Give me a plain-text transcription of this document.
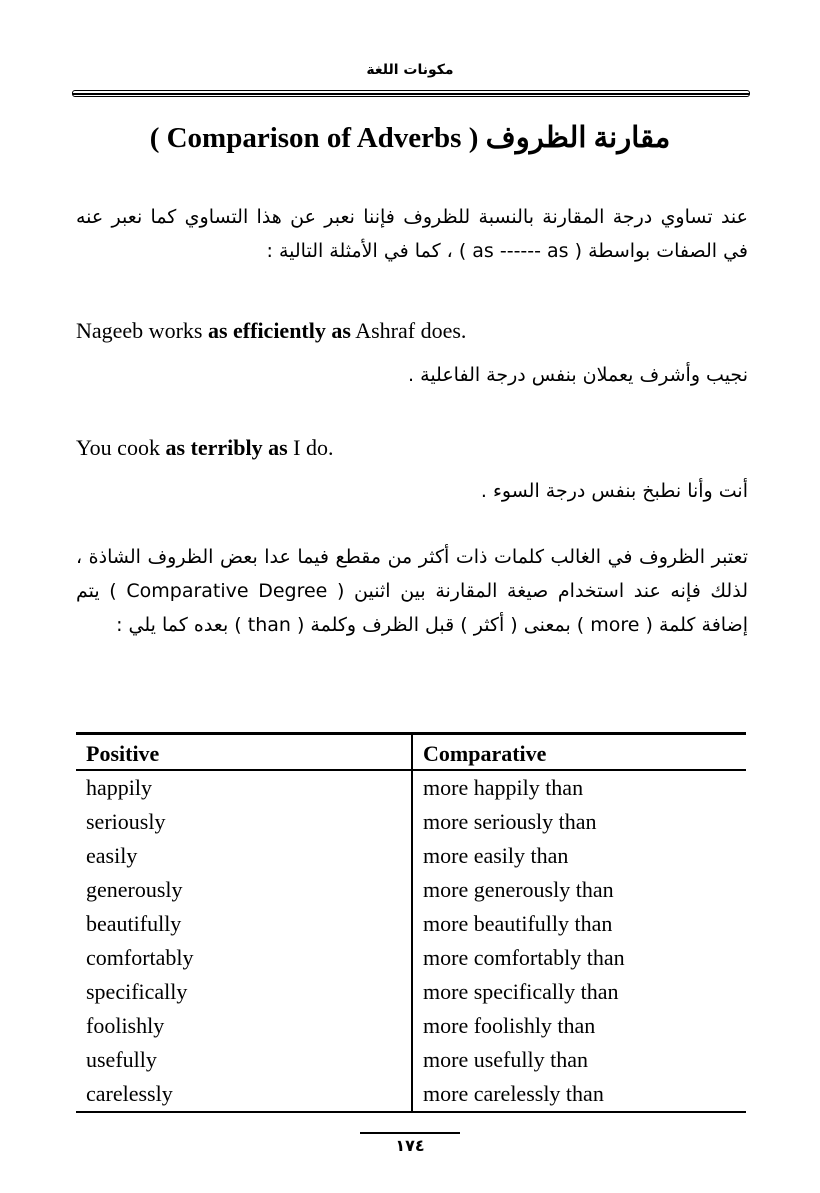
مكونات اللغة
مقارنة الظروف ( Comparison of Adverbs )
عند تساوي درجة المقارنة بالنسبة للظروف فإننا نعبر عن هذا التساوي كما نعبر عنه في الصفات بواسطة ( as ------ as ) ، كما في الأمثلة التالية :
Nageeb works as efficiently as Ashraf does.
نجيب وأشرف يعملان بنفس درجة الفاعلية .
You cook as terribly as I do.
أنت وأنا نطبخ بنفس درجة السوء .
تعتبر الظروف في الغالب كلمات ذات أكثر من مقطع فيما عدا بعض الظروف الشاذة ، لذلك فإنه عند استخدام صيغة المقارنة بين اثنين ( Comparative Degree ) يتم إضافة كلمة ( more ) بمعنى ( أكثر ) قبل الظرف وكلمة ( than ) بعده كما يلي :
Positive	Comparative
happily	more happily than
seriously	more seriously than
easily	more easily than
generously	more generously than
beautifully	more beautifully than
comfortably	more comfortably than
specifically	more specifically than
foolishly	more foolishly than
usefully	more usefully than
carelessly	more carelessly than
١٧٤
